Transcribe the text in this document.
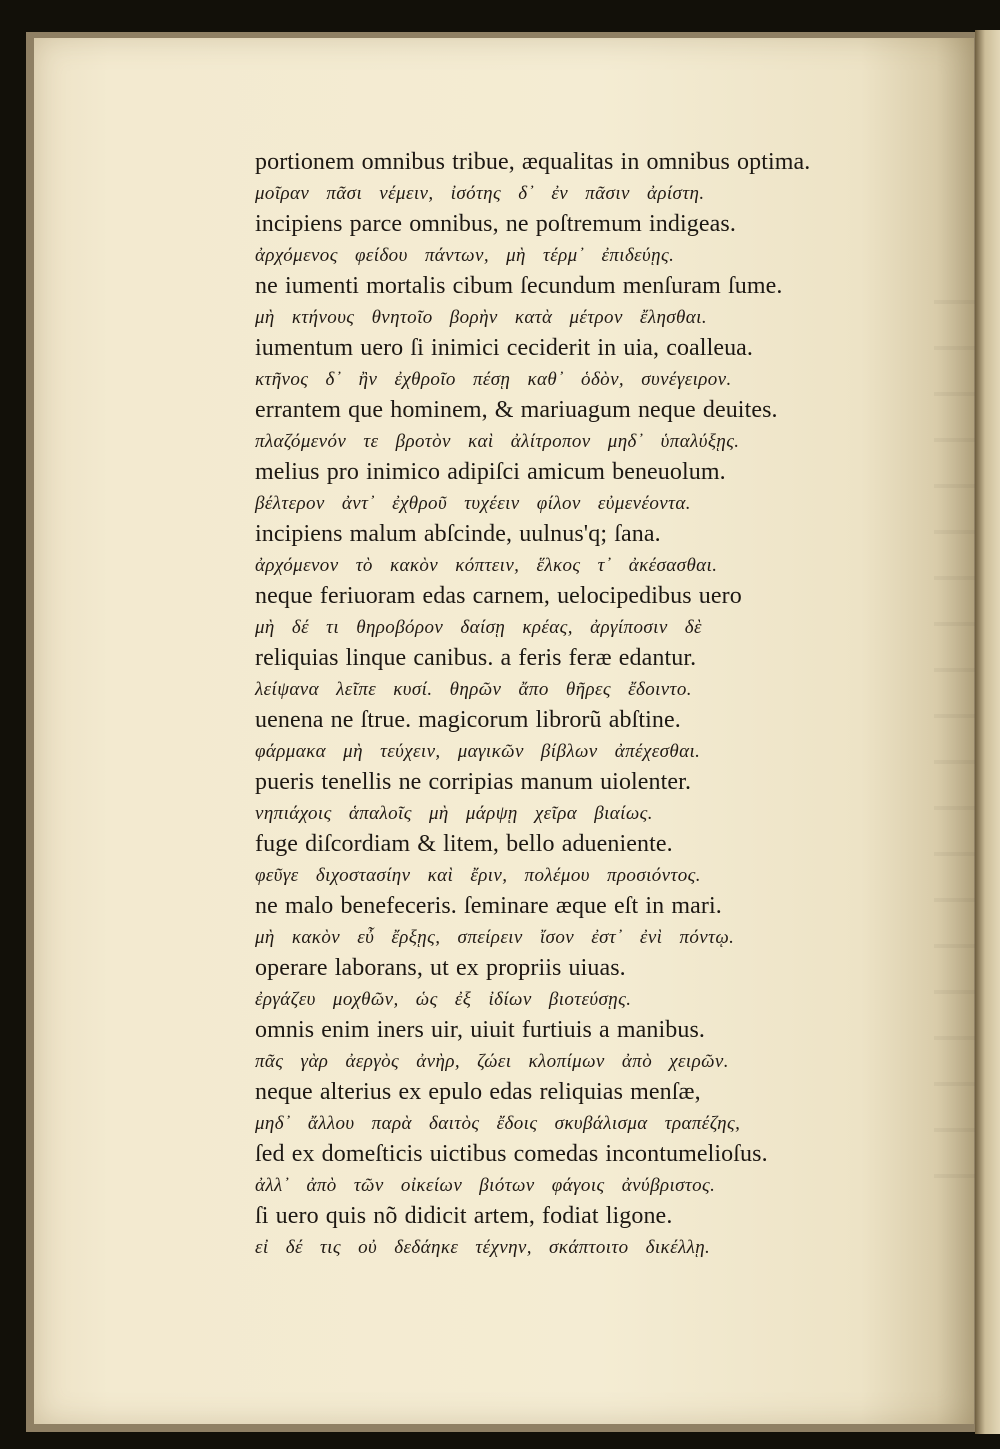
portionem omnibus tribue, æqualitas in omnibus optima.
μοῖραν πᾶσι νέμειν, ἰσότης δ᾽ ἐν πᾶσιν ἀρίστη.
incipiens parce omnibus, ne poſtremum indigeas.
ἀρχόμενος φείδου πάντων, μὴ τέρμ᾽ ἐπιδεύῃς.
ne iumenti mortalis cibum ſecundum menſuram ſume.
μὴ κτήνους θνητοῖο βορὴν κατὰ μέτρον ἔλησθαι.
iumentum uero ſi inimici ceciderit in uia, coalleua.
κτῆνος δ᾽ ἢν ἐχθροῖο πέσῃ καθ᾽ ὁδὸν, συνέγειρον.
errantem que hominem, & mariuagum neque deuites.
πλαζόμενόν τε βροτὸν καὶ ἀλίτροπον μηδ᾽ ὑπαλύξῃς.
melius pro inimico adipiſci amicum beneuolum.
βέλτερον ἀντ᾽ ἐχθροῦ τυχέειν φίλον εὐμενέοντα.
incipiens malum abſcinde, uulnus'q; ſana.
ἀρχόμενον τὸ κακὸν κόπτειν, ἕλκος τ᾽ ἀκέσασθαι.
neque feriuoram edas carnem, uelocipedibus uero
μὴ δέ τι θηροβόρον δαίσῃ κρέας, ἀργίποσιν δὲ
reliquias linque canibus. a feris feræ edantur.
λείψανα λεῖπε κυσί. θηρῶν ἄπο θῆρες ἔδοιντο.
uenena ne ſtrue. magicorum librorũ abſtine.
φάρμακα μὴ τεύχειν, μαγικῶν βίβλων ἀπέχεσθαι.
pueris tenellis ne corripias manum uiolenter.
νηπιάχοις ἁπαλοῖς μὴ μάρψῃ χεῖρα βιαίως.
fuge diſcordiam & litem, bello adueniente.
φεῦγε διχοστασίην καὶ ἔριν, πολέμου προσιόντος.
ne malo benefeceris. ſeminare æque eſt in mari.
μὴ κακὸν εὖ ἔρξῃς, σπείρειν ἴσον ἐστ᾽ ἐνὶ πόντῳ.
operare laborans, ut ex propriis uiuas.
ἐργάζευ μοχθῶν, ὡς ἐξ ἰδίων βιοτεύσῃς.
omnis enim iners uir, uiuit furtiuis a manibus.
πᾶς γὰρ ἀεργὸς ἀνὴρ, ζώει κλοπίμων ἀπὸ χειρῶν.
neque alterius ex epulo edas reliquias menſæ,
μηδ᾽ ἄλλου παρὰ δαιτὸς ἔδοις σκυβάλισμα τραπέζης,
ſed ex domeſticis uictibus comedas incontumelioſus.
ἀλλ᾽ ἀπὸ τῶν οἰκείων βιότων φάγοις ἀνύβριστος.
ſi uero quis nõ didicit artem, fodiat ligone.
εἰ δέ τις οὐ δεδάηκε τέχνην, σκάπτοιτο δικέλλῃ.
